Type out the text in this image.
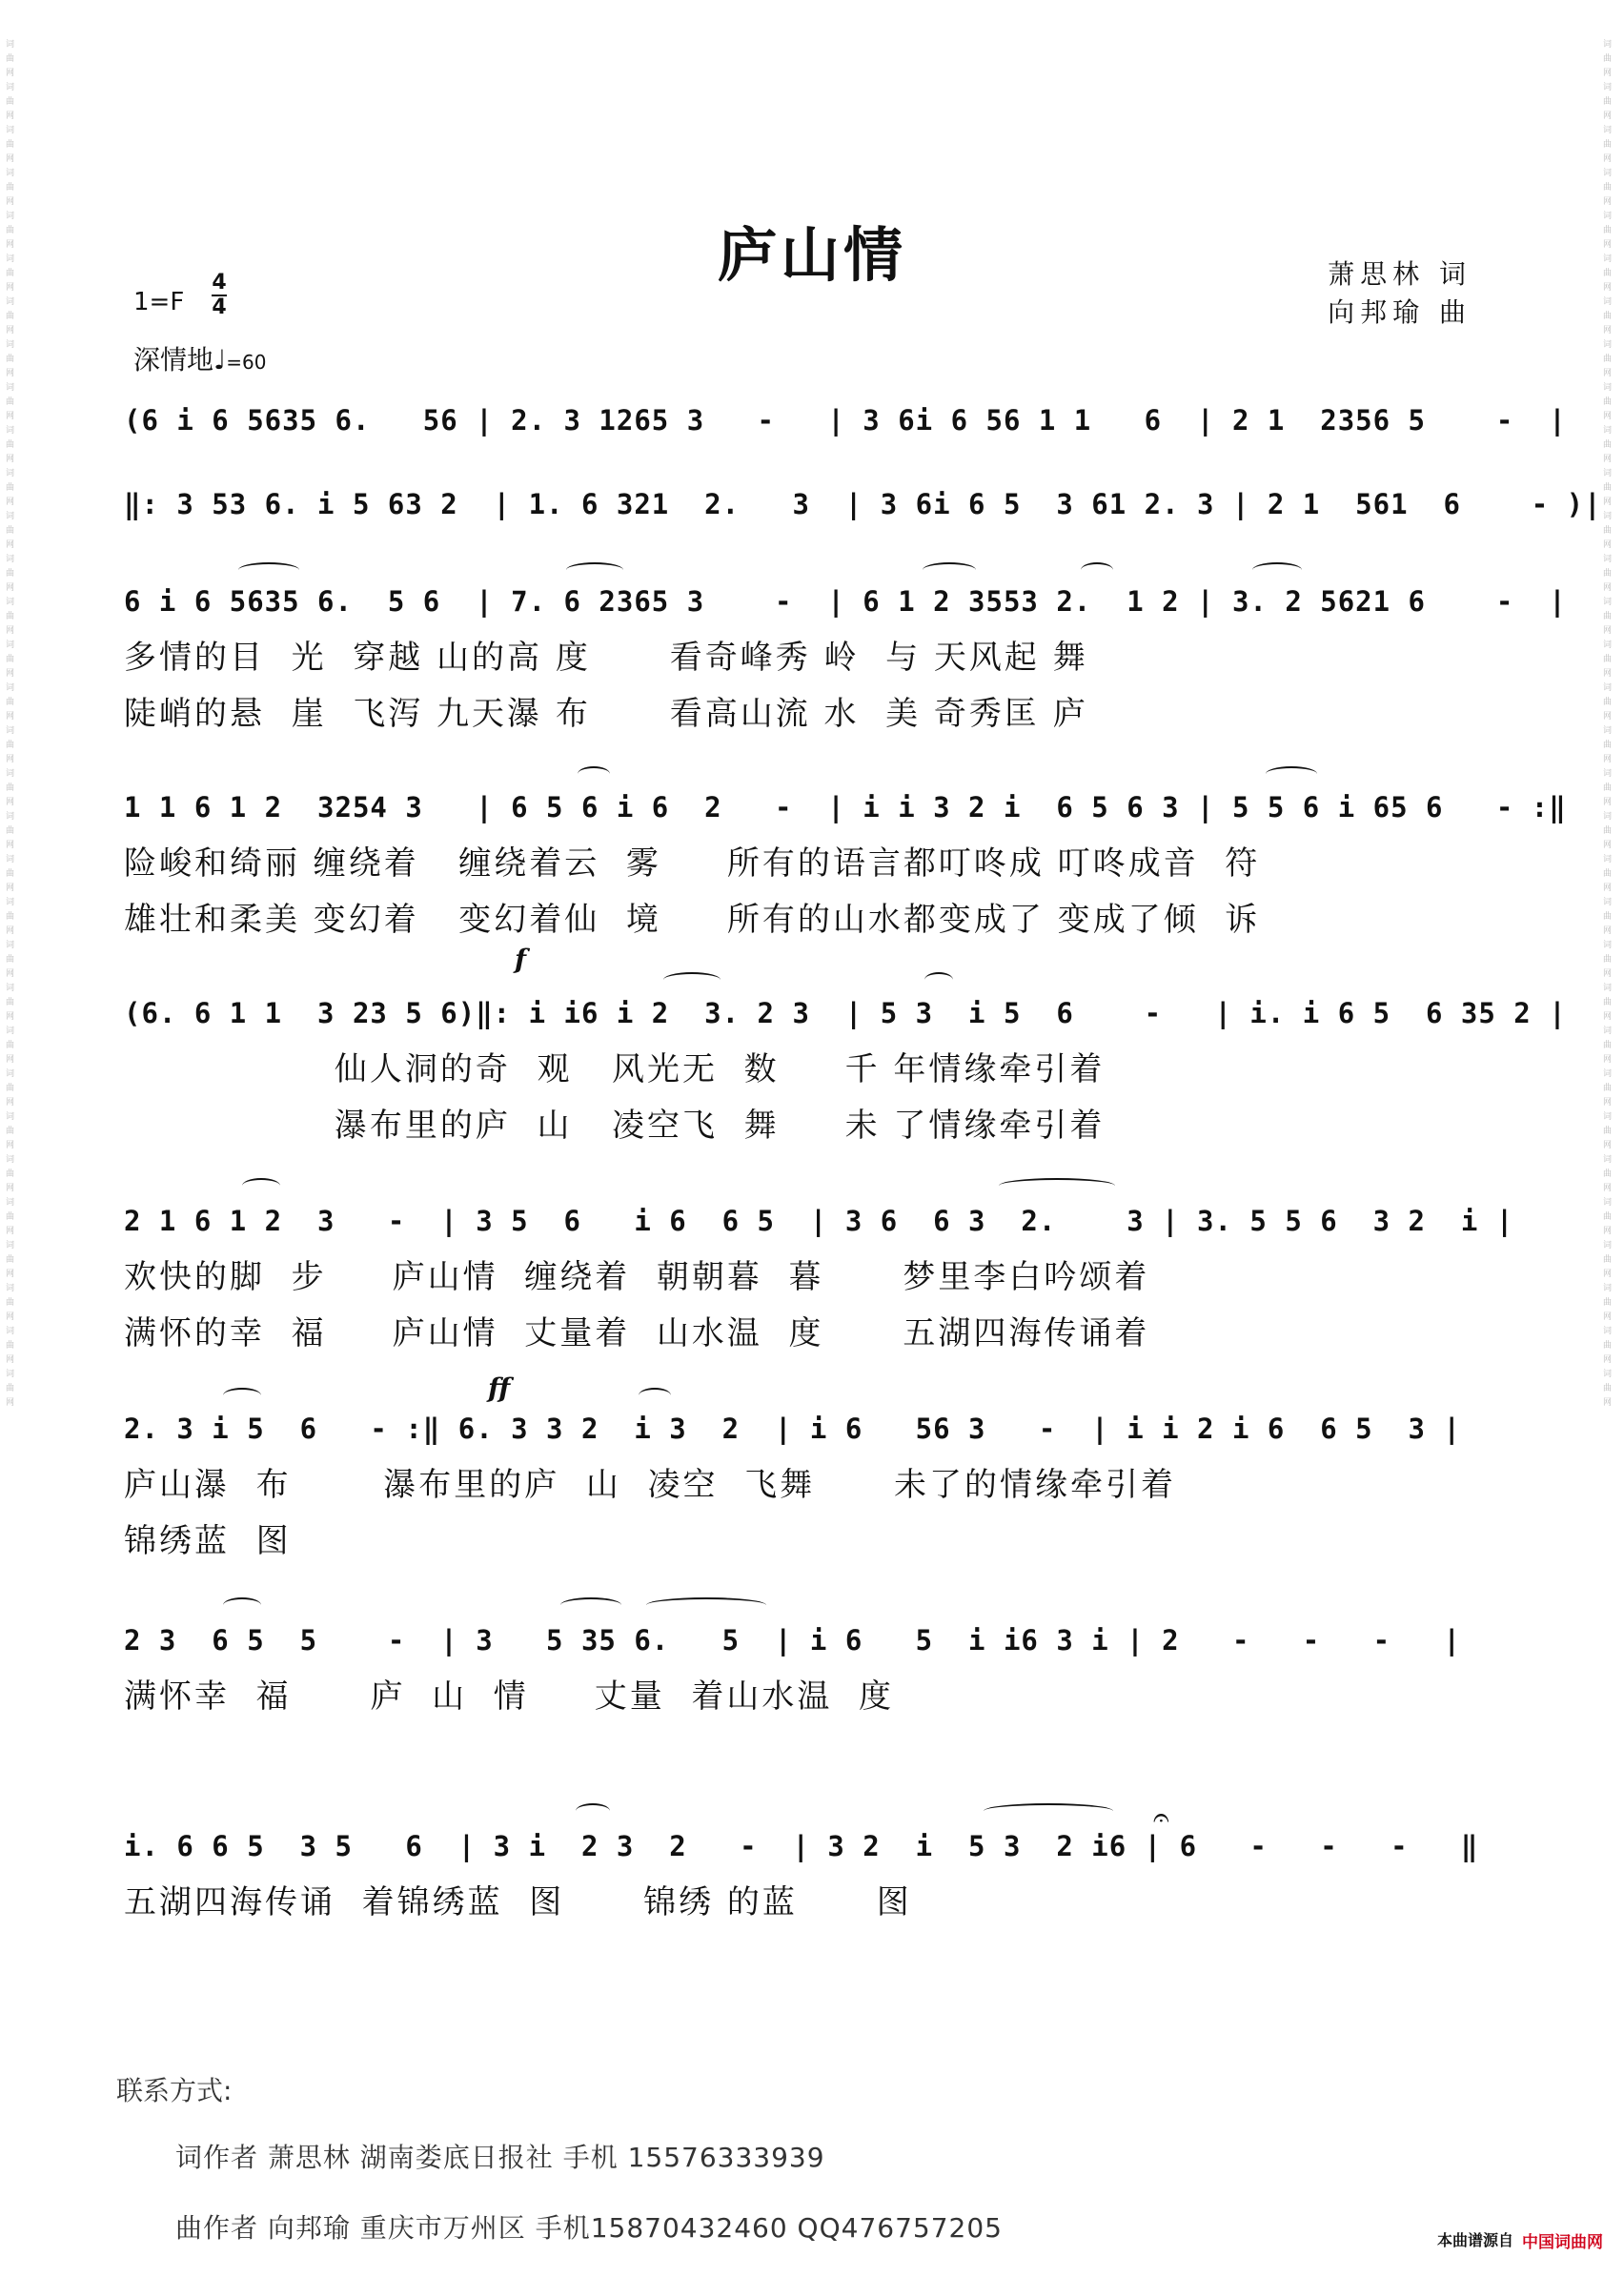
词曲网词曲网词曲网词曲网词曲网词曲网词曲网词曲网词曲网词曲网词曲网词曲网词曲网词曲网词曲网词曲网词曲网词曲网词曲网词曲网词曲网词曲网词曲网词曲网词曲网词曲网词曲网词曲网词曲网词曲网词曲网词曲网
词曲网词曲网词曲网词曲网词曲网词曲网词曲网词曲网词曲网词曲网词曲网词曲网词曲网词曲网词曲网词曲网词曲网词曲网词曲网词曲网词曲网词曲网词曲网词曲网词曲网词曲网词曲网词曲网词曲网词曲网词曲网词曲网
庐山情	萧思林 词
向邦瑜 曲
1=F
4
4
深情地♩=60
(6 i 6 5635 6.   56 | 2. 3 1265 3   -   | 3 6i 6 56 1 1   6  | 2 1  2356 5    -  |
‖: 3 53 6. i 5 63 2  | 1. 6 321  2.   3  | 3 6i 6 5  3 61 2. 3 | 2 1  561  6    - )|
6 i 6 5635 6.  5 6  | 7. 6 2365 3    -  | 6 1 2 3553 2.  1 2 | 3. 2 5621 6    -  |
多情的目  光  穿越 山的高 度      看奇峰秀 岭  与 天风起 舞
陡峭的悬  崖  飞泻 九天瀑 布      看高山流 水  美 奇秀匡 庐
1 1 6 1 2  3254 3   | 6 5 6 i 6  2   -  | i i 3 2 i  6 5 6 3 | 5 5 6 i 65 6   - :‖
险峻和绮丽 缠绕着   缠绕着云  雾     所有的语言都叮咚成 叮咚成音  符
雄壮和柔美 变幻着   变幻着仙  境     所有的山水都变成了 变成了倾  诉
f
(6. 6 1 1  3 23 5 6)‖: i i6 i 2  3. 2 3  | 5 3  i 5  6    -   | i. i 6 5  6 35 2 |
仙人洞的奇  观   风光无  数     千 年情缘牵引着
瀑布里的庐  山   凌空飞  舞     未 了情缘牵引着
2 1 6 1 2  3   -  | 3 5  6   i 6  6 5  | 3 6  6 3  2.    3 | 3. 5 5 6  3 2  i |
欢快的脚  步     庐山情  缠绕着  朝朝暮  暮      梦里李白吟颂着
满怀的幸  福     庐山情  丈量着  山水温  度      五湖四海传诵着
ff
2. 3 i 5  6   - :‖ 6. 3 3 2  i 3  2  | i 6   56 3   -  | i i 2 i 6  6 5  3 |
庐山瀑  布       瀑布里的庐  山  凌空  飞舞      未了的情缘牵引着
锦绣蓝  图
2 3  6 5  5    -  | 3   5 35 6.   5  | i 6   5  i i6 3 i | 2   -   -   -   |
满怀幸  福      庐  山  情     丈量  着山水温  度
i. 6 6 5  3 5   6  | 3 i  2 3  2   -  | 3 2  i  5 3  2 i6 | 6   -   -   -   ‖
五湖四海传诵  着锦绣蓝  图      锦绣 的蓝      图
𝄐
联系方式:
词作者 萧思林 湖南娄底日报社 手机 15576333939
曲作者 向邦瑜 重庆市万州区 手机15870432460 QQ476757205	本曲谱源自 中国词曲网
